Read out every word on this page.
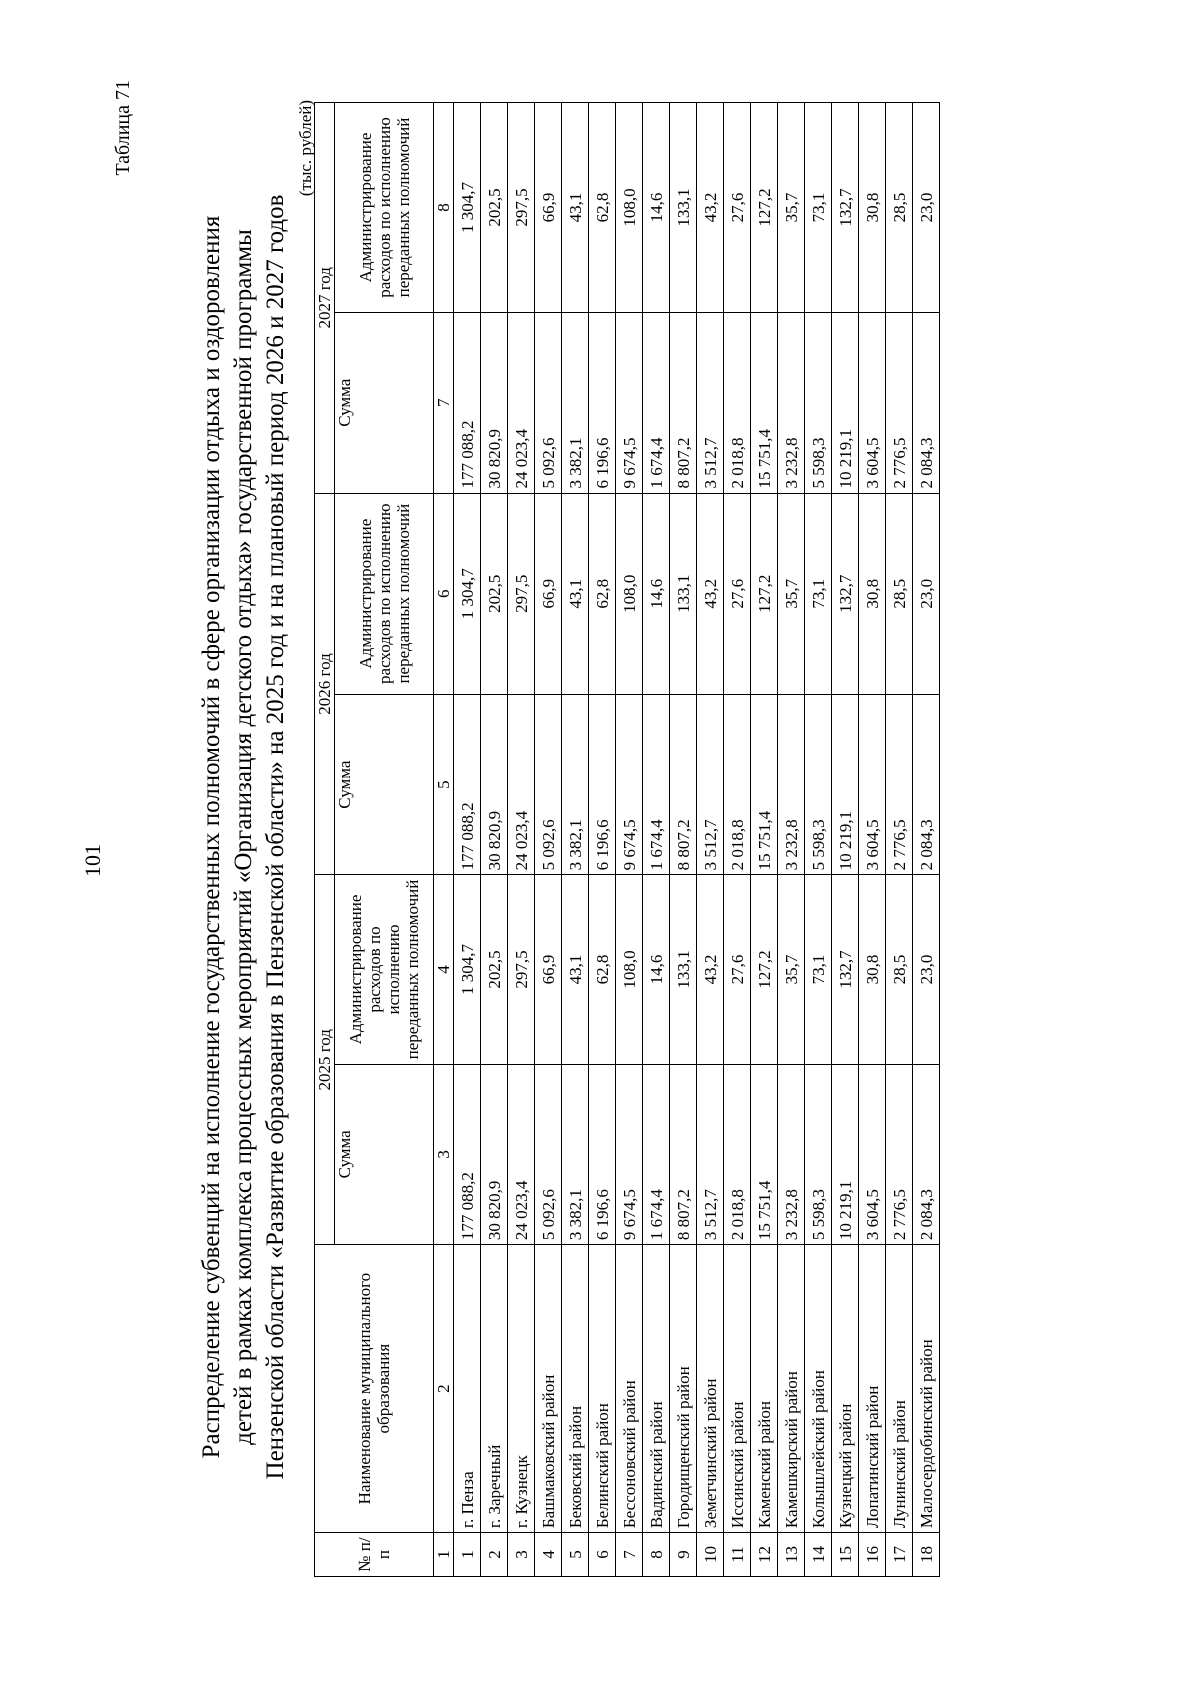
101
Таблица 71
Распределение субвенций на исполнение государственных полномочий в сфере организации отдыха и оздоровления детей в рамках комплекса процессных мероприятий «Организация детского отдыха» государственной программы Пензенской области «Развитие образования в Пензенской области» на 2025 год и на плановый период 2026 и 2027 годов
(тыс. рублей)
№ п/п	Наименование муниципального образования	2025 год		2026 год		2027 год	
		Сумма	Администрирование расходов по исполнению переданных полномочий	Сумма	Администрирование расходов по исполнению переданных полномочий	Сумма	Администрирование расходов по исполнению переданных полномочий
1	2	3	4	5	6	7	8
1	г. Пенза	177 088,2	1 304,7	177 088,2	1 304,7	177 088,2	1 304,7
2	г. Заречный	30 820,9	202,5	30 820,9	202,5	30 820,9	202,5
3	г. Кузнецк	24 023,4	297,5	24 023,4	297,5	24 023,4	297,5
4	Башмаковский район	5 092,6	66,9	5 092,6	66,9	5 092,6	66,9
5	Бековский район	3 382,1	43,1	3 382,1	43,1	3 382,1	43,1
6	Белинский район	6 196,6	62,8	6 196,6	62,8	6 196,6	62,8
7	Бессоновский район	9 674,5	108,0	9 674,5	108,0	9 674,5	108,0
8	Вадинский район	1 674,4	14,6	1 674,4	14,6	1 674,4	14,6
9	Городищенский район	8 807,2	133,1	8 807,2	133,1	8 807,2	133,1
10	Земетчинский район	3 512,7	43,2	3 512,7	43,2	3 512,7	43,2
11	Иссинский район	2 018,8	27,6	2 018,8	27,6	2 018,8	27,6
12	Каменский район	15 751,4	127,2	15 751,4	127,2	15 751,4	127,2
13	Камешкирский район	3 232,8	35,7	3 232,8	35,7	3 232,8	35,7
14	Колышлейский район	5 598,3	73,1	5 598,3	73,1	5 598,3	73,1
15	Кузнецкий район	10 219,1	132,7	10 219,1	132,7	10 219,1	132,7
16	Лопатинский район	3 604,5	30,8	3 604,5	30,8	3 604,5	30,8
17	Лунинский район	2 776,5	28,5	2 776,5	28,5	2 776,5	28,5
18	Малосердобинский район	2 084,3	23,0	2 084,3	23,0	2 084,3	23,0
